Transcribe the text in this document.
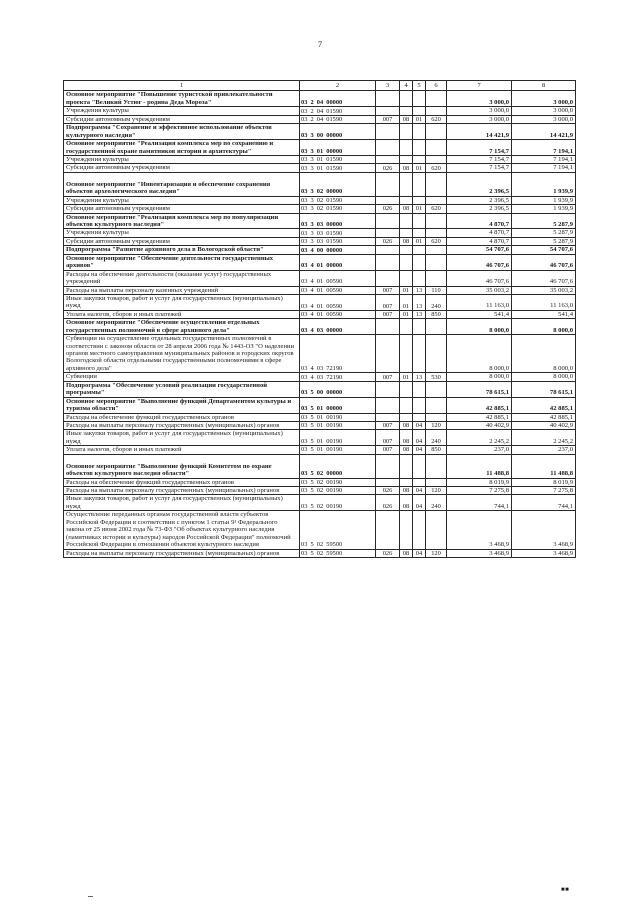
7
1	2	3	4	5	6	7	8
Основное мероприятие "Повышение туристской привлекательности проекта "Великий Устюг - родина Деда Мороза"	03 2 04 00000					3 000,0	3 000,0
Учреждения культуры	03 2 04 01590					3 000,0	3 000,0
Субсидии автономным учреждениям	03 2 04 01590	007	08	01	620	3 000,0	3 000,0
Подпрограмма "Сохранение и эффективное использование объектов культурного наследия"	03 3 00 00000					14 421,9	14 421,9
Основное мероприятие "Реализация комплекса мер по сохранению и государственной охране памятников истории и архитектуры"	03 3 01 00000					7 154,7	7 194,1
Учреждения культуры	03 3 01 01590					7 154,7	7 194,1
Субсидии автономным учреждениям	03 3 01 01590	026	08	01	620	7 154,7	7 194,1
Основное мероприятие "Инвентаризация и обеспечение сохранения объектов археологического наследия"	03 3 02 00000					2 396,5	1 939,9
Учреждения культуры	03 3 02 01590					2 396,5	1 939,9
Субсидии автономным учреждениям	03 3 02 01590	026	08	01	620	2 396,5	1 939,9
Основное мероприятие "Реализация комплекса мер по популяризации объектов культурного наследия"	03 3 03 00000					4 870,7	5 287,9
Учреждения культуры	03 3 03 01590					4 870,7	5 287,9
Субсидии автономным учреждениям	03 3 03 01590	026	08	01	620	4 870,7	5 287,9
Подпрограмма "Развитие архивного дела в Вологодской области"	03 4 00 00000					54 707,6	54 707,6
Основное мероприятие "Обеспечение деятельности государственных архивов"	03 4 01 00000					46 707,6	46 707,6
Расходы на обеспечение деятельности (оказание услуг) государственных учреждений	03 4 01 00590					46 707,6	46 707,6
Расходы на выплаты персоналу казенных учреждений	03 4 01 00590	007	01	13	110	35 003,2	35 003,2
Иные закупки товаров, работ и услуг для государственных (муниципальных) нужд	03 4 01 00590	007	01	13	240	11 163,0	11 163,0
Уплата налогов, сборов и иных платежей	03 4 01 00590	007	01	13	850	541,4	541,4
Основное мероприятие "Обеспечение осуществления отдельных государственных полномочий в сфере архивного дела"	03 4 03 00000					8 000,0	8 000,0
Субвенции на осуществление отдельных государственных полномочий в соответствии с законом области от 28 апреля 2006 года № 1443-ОЗ "О наделении органов местного самоуправления муниципальных районов и городских округов Вологодской области отдельными государственными полномочиями в сфере архивного дела"	03 4 03 72190					8 000,0	8 000,0
Субвенции	03 4 03 72190	007	01	13	530	8 000,0	8 000,0
Подпрограмма "Обеспечение условий реализации государственной программы"	03 5 00 00000					78 615,1	78 615,1
Основное мероприятие "Выполнение функций Департаментом культуры и туризма области"	03 5 01 00000					42 885,1	42 885,1
Расходы на обеспечение функций государственных органов	03 5 01 00190					42 885,1	42 885,1
Расходы на выплаты персоналу государственных (муниципальных) органов	03 5 01 00190	007	08	04	120	40 402,9	40 402,9
Иные закупки товаров, работ и услуг для государственных (муниципальных) нужд	03 5 01 00190	007	08	04	240	2 245,2	2 245,2
Уплата налогов, сборов и иных платежей	03 5 01 00190	007	08	04	850	237,0	237,0
Основное мероприятие "Выполнение функций Комитетом по охране объектов культурного наследия области"	03 5 02 00000					11 488,8	11 488,8
Расходы на обеспечение функций государственных органов	03 5 02 00190					8 019,9	8 019,9
Расходы на выплаты персоналу государственных (муниципальных) органов	03 5 02 00190	026	08	04	120	7 275,8	7 275,8
Иные закупки товаров, работ и услуг для государственных (муниципальных) нужд	03 5 02 00190	026	08	04	240	744,1	744,1
Осуществление переданных органам государственной власти субъектов Российской Федерации в соответствии с пунктом 1 статьи 9¹ Федерального закона от 25 июня 2002 года № 73-ФЗ "Об объектах культурного наследия (памятниках истории и культуры) народов Российской Федерации" полномочий Российской Федерации в отношении объектов культурного наследия	03 5 02 59500					3 468,9	3 468,9
Расходы на выплаты персоналу государственных (муниципальных) органов	03 5 02 59500	026	08	04	120	3 468,9	3 468,9
■■
